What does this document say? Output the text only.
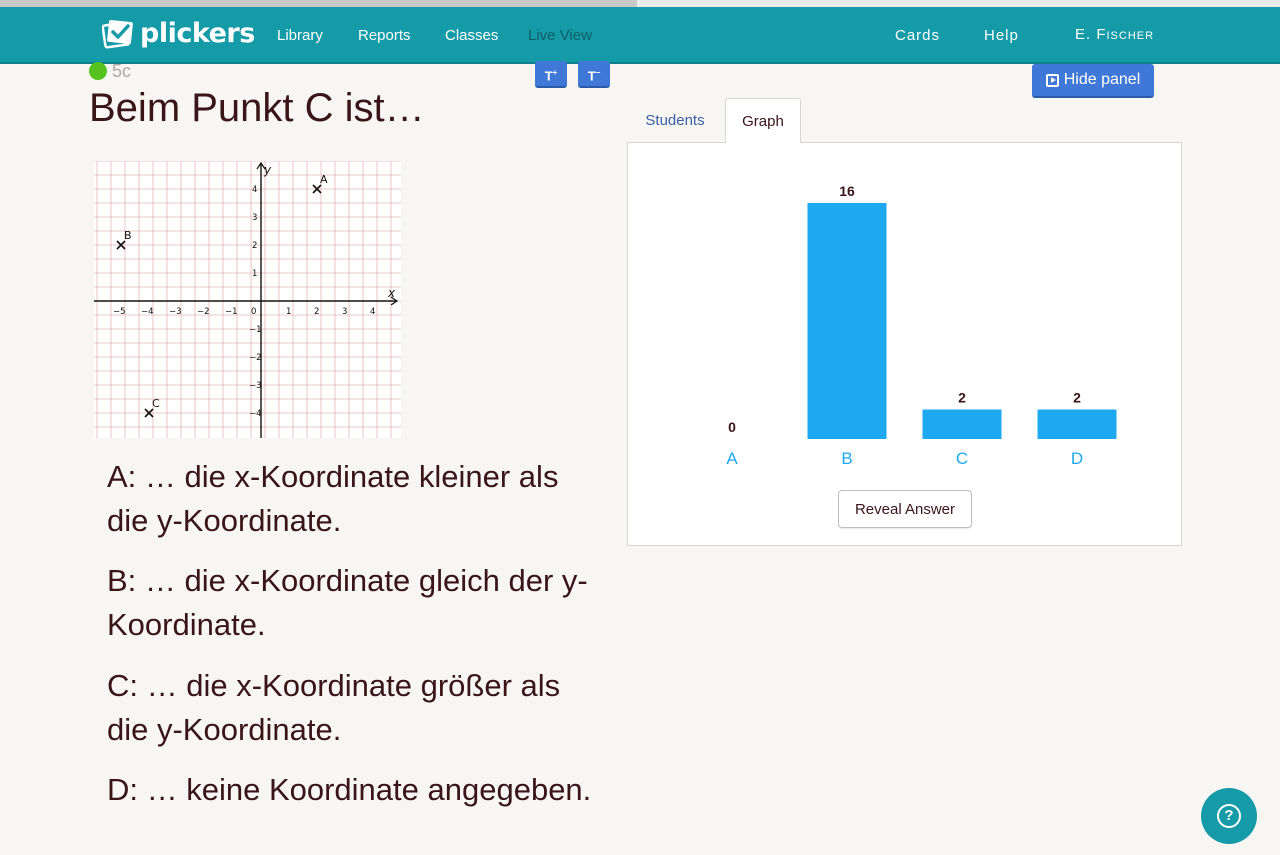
plickers Library Reports Classes Live View	Cards	Help	E. Fischer
5c	T+	T−
Beim Punkt C ist…
x
y
−5 −4 −3 −2 −1 0	1	2	3	4
4
3
2
1
−1
−2
−3
−4
A
B
C
A: … die x-Koordinate kleiner als die y-Koordinate.
B: … die x-Koordinate gleich der y-Koordinate.
C: … die x-Koordinate größer als die y-Koordinate.
D: … keine Koordinate angegeben.
Hide panel
Students	Graph
0
A
16
B
2
C
2
D
Reveal Answer
?
